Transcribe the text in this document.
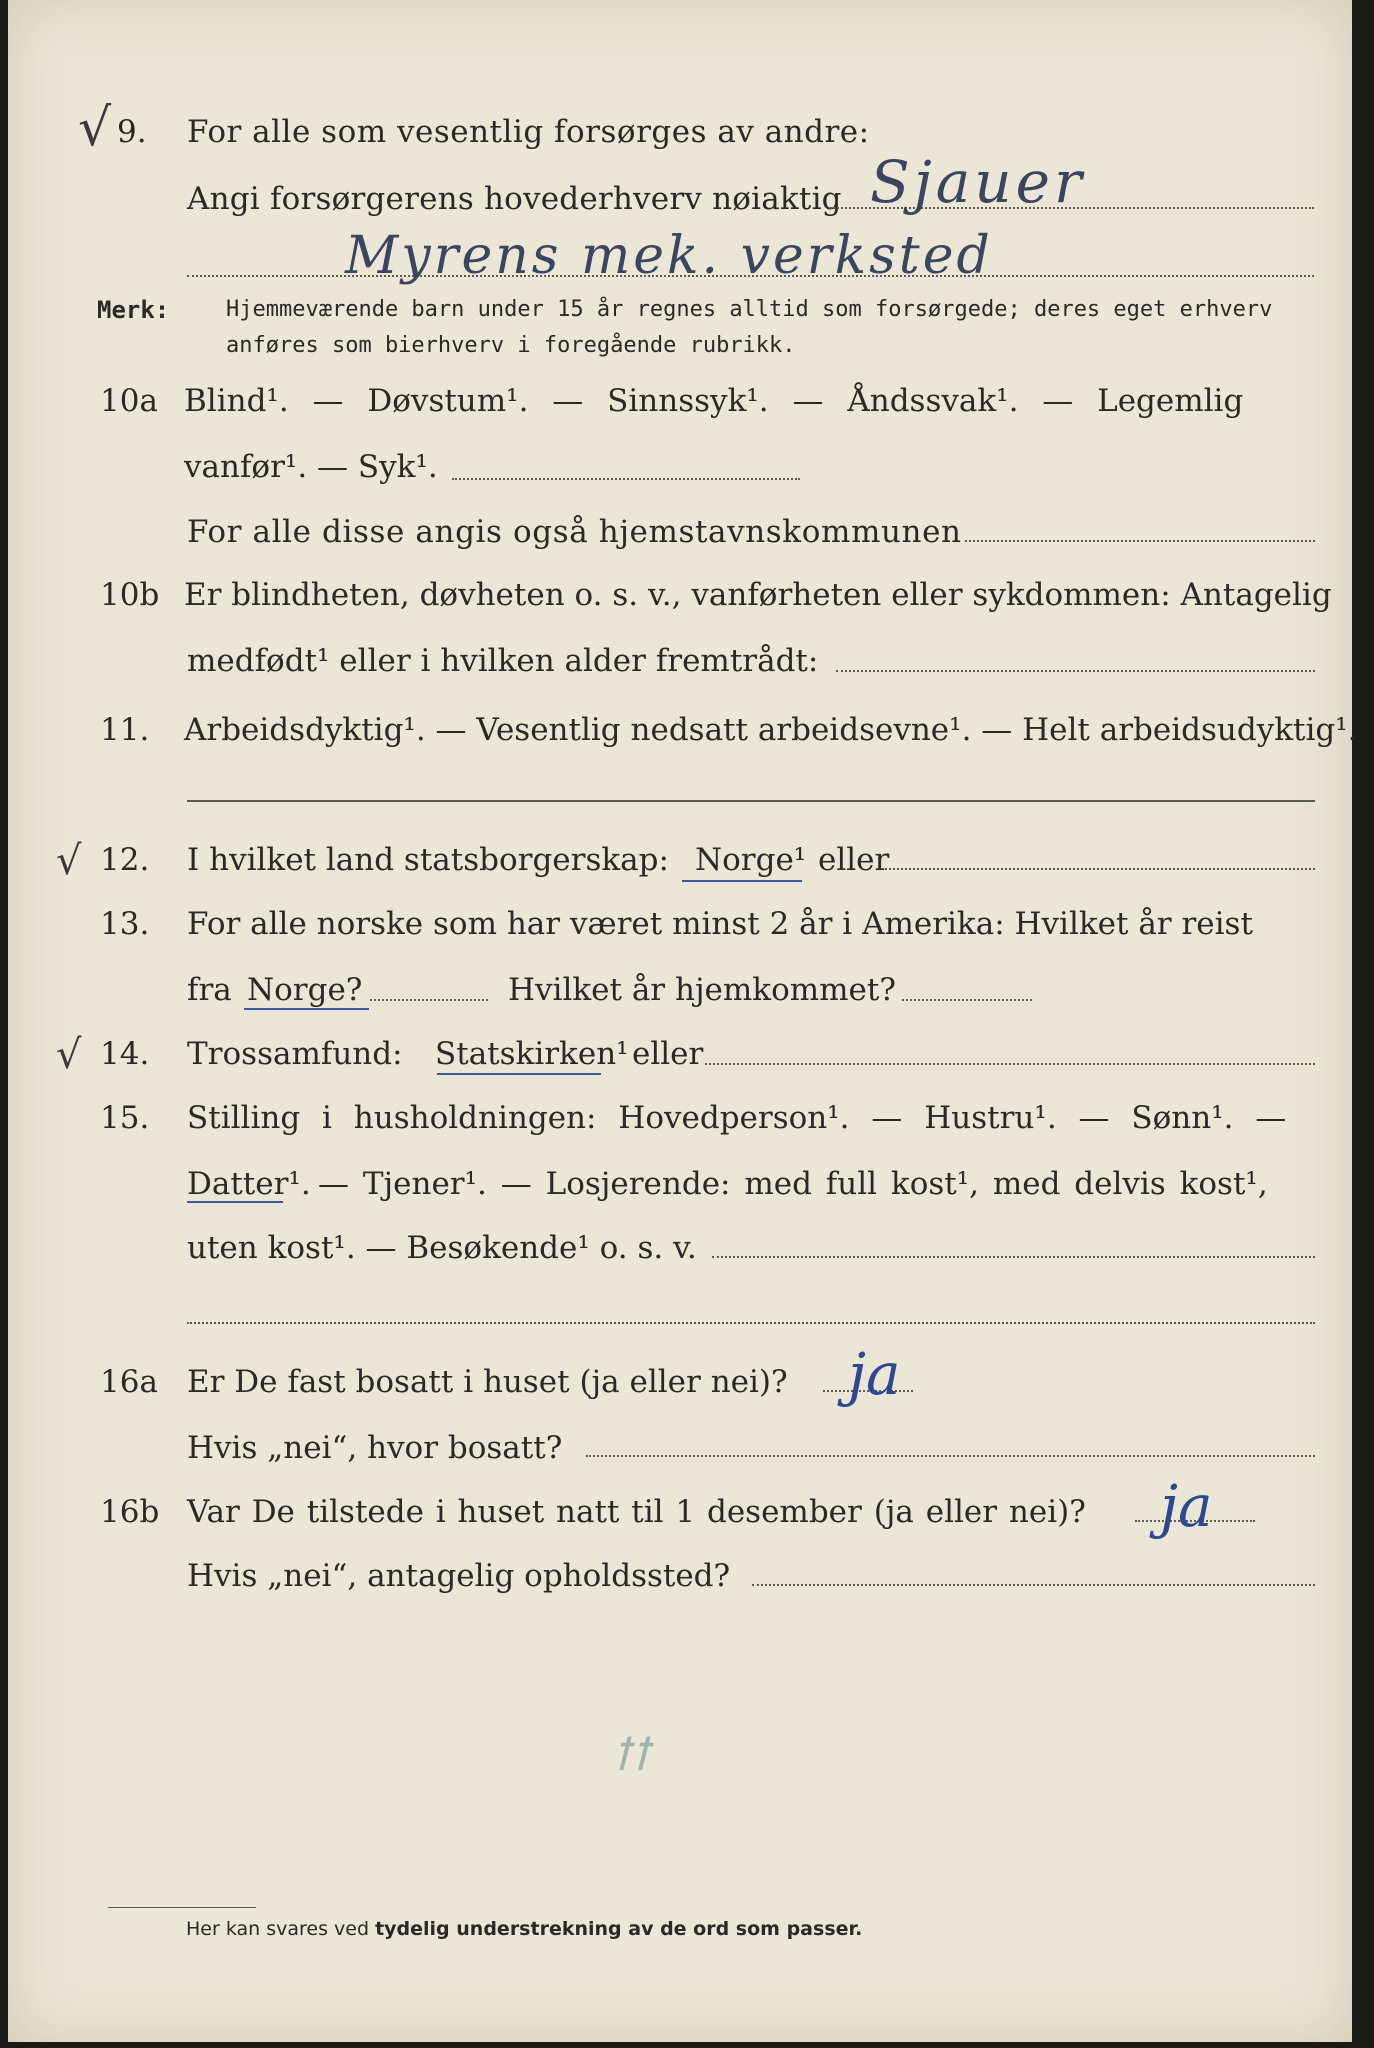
√ 9. For alle som vesentlig forsørges av andre:
Angi forsørgerens hovederhverv nøiaktig Sjauer
Myrens mek. verksted
Merk:	Hjemmeværende barn under 15 år regnes alltid som forsørgede; deres eget erhverv
anføres som bierhverv i foregående rubrikk.
10a Blind¹. — Døvstum¹. — Sinnssyk¹. — Åndssvak¹. — Legemlig
vanfør¹. — Syk¹.
For alle disse angis også hjemstavnskommunen
10b Er blindheten, døvheten o. s. v., vanførheten eller sykdommen: Antagelig
medfødt¹ eller i hvilken alder fremtrådt:
11. Arbeidsdyktig¹. — Vesentlig nedsatt arbeidsevne¹. — Helt arbeidsudyktig¹.
√ 12. I hvilket land statsborgerskap: Norge¹ eller
13. For alle norske som har været minst 2 år i Amerika: Hvilket år reist
fra Norge?	Hvilket år hjemkommet?
√ 14. Trossamfund: Statskirken¹ eller
15. Stilling i husholdningen: Hovedperson¹. — Hustru¹. — Sønn¹. —
Datter¹. — Tjener¹. — Losjerende: med full kost¹, med delvis kost¹,
uten kost¹. — Besøkende¹ o. s. v.
16a Er De fast bosatt i huset (ja eller nei)? ja
Hvis „nei“, hvor bosatt?
16b Var De tilstede i huset natt til 1 desember (ja eller nei)? ja
Hvis „nei“, antagelig opholdssted?
ꝉꝉ
Her kan svares ved tydelig understrekning av de ord som passer.
